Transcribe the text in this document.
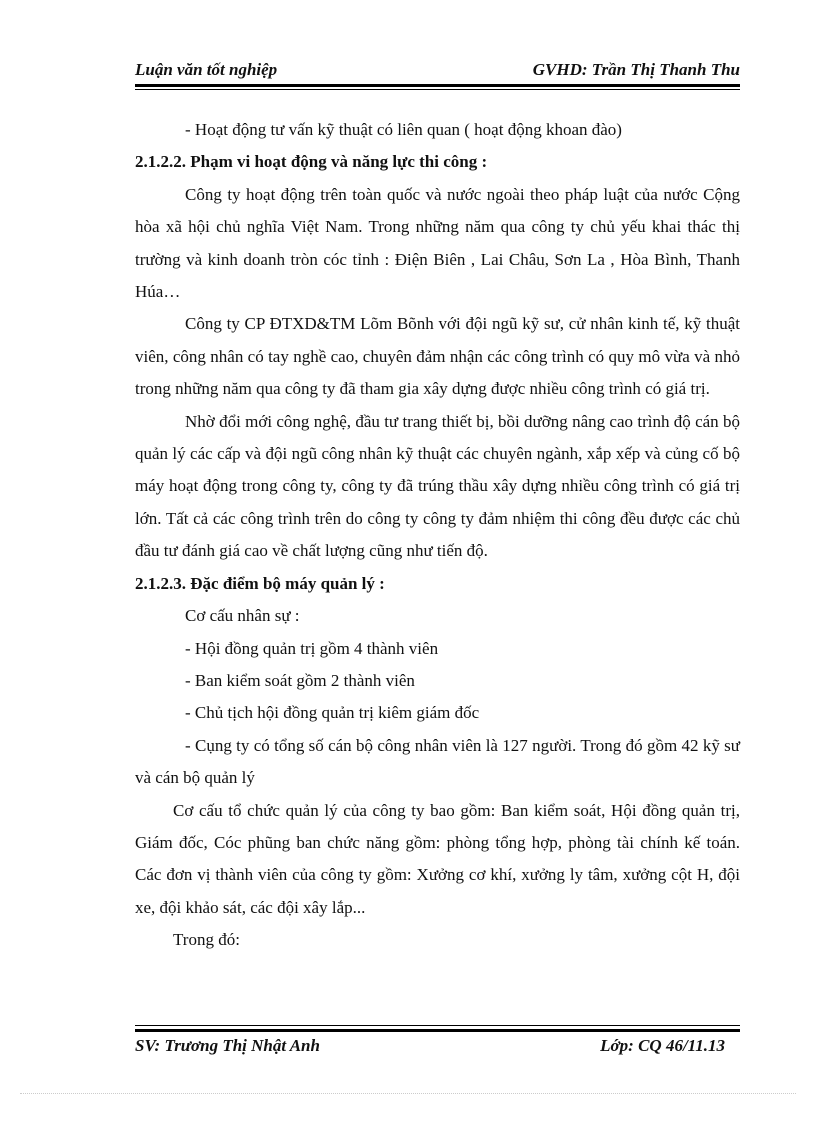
Luận văn tốt nghiệp	GVHD: Trần Thị Thanh Thu

- Hoạt động tư vấn kỹ thuật có liên quan ( hoạt động khoan đào)

2.1.2.2. Phạm vi hoạt động và năng lực thi công :

Công ty hoạt động trên toàn quốc và nước ngoài theo pháp luật của nước Cộng hòa xã hội chủ nghĩa Việt Nam. Trong những năm qua công ty chủ yếu khai thác thị trường và kinh doanh tròn cóc tỉnh : Điện Biên , Lai Châu, Sơn La , Hòa Bình, Thanh Húa…

Công ty CP ĐTXD&TM Lõm Bõnh với đội ngũ kỹ sư, cử nhân kinh tế, kỹ thuật viên, công nhân có tay nghề cao, chuyên đảm nhận các công trình có quy mô vừa và nhỏ trong những năm qua công ty đã tham gia xây dựng được nhiều công trình có giá trị.

Nhờ đổi mới công nghệ, đầu tư trang thiết bị, bồi dưỡng nâng cao trình độ cán bộ quản lý các cấp và đội ngũ công nhân kỹ thuật các chuyên ngành, xắp xếp và củng cố bộ máy hoạt động trong công ty, công ty đã trúng thầu xây dựng nhiều công trình có giá trị lớn. Tất cả các công trình trên do công ty công ty đảm nhiệm thi công đều được các chủ đầu tư đánh giá cao về chất lượng cũng như tiến độ.

2.1.2.3. Đặc điểm bộ máy quản lý :

Cơ cấu nhân sự :

- Hội đồng quản trị gồm 4 thành viên

- Ban kiểm soát gồm 2 thành viên

- Chủ tịch hội đồng quản trị kiêm giám đốc

- Cụng ty có tổng số cán bộ công nhân viên là 127 người. Trong đó gồm 42 kỹ sư và cán bộ quản lý

Cơ cấu tổ chức quản lý của công ty bao gồm: Ban kiểm soát, Hội đồng quản trị, Giám đốc, Cóc phũng ban chức năng gồm: phòng tổng hợp, phòng tài chính kế toán. Các đơn vị thành viên của công ty gồm: Xưởng cơ khí, xưởng ly tâm, xưởng cột H, đội xe, đội khảo sát, các đội xây lắp...

Trong đó:

SV: Trương Thị Nhật Anh	Lớp: CQ 46/11.13
